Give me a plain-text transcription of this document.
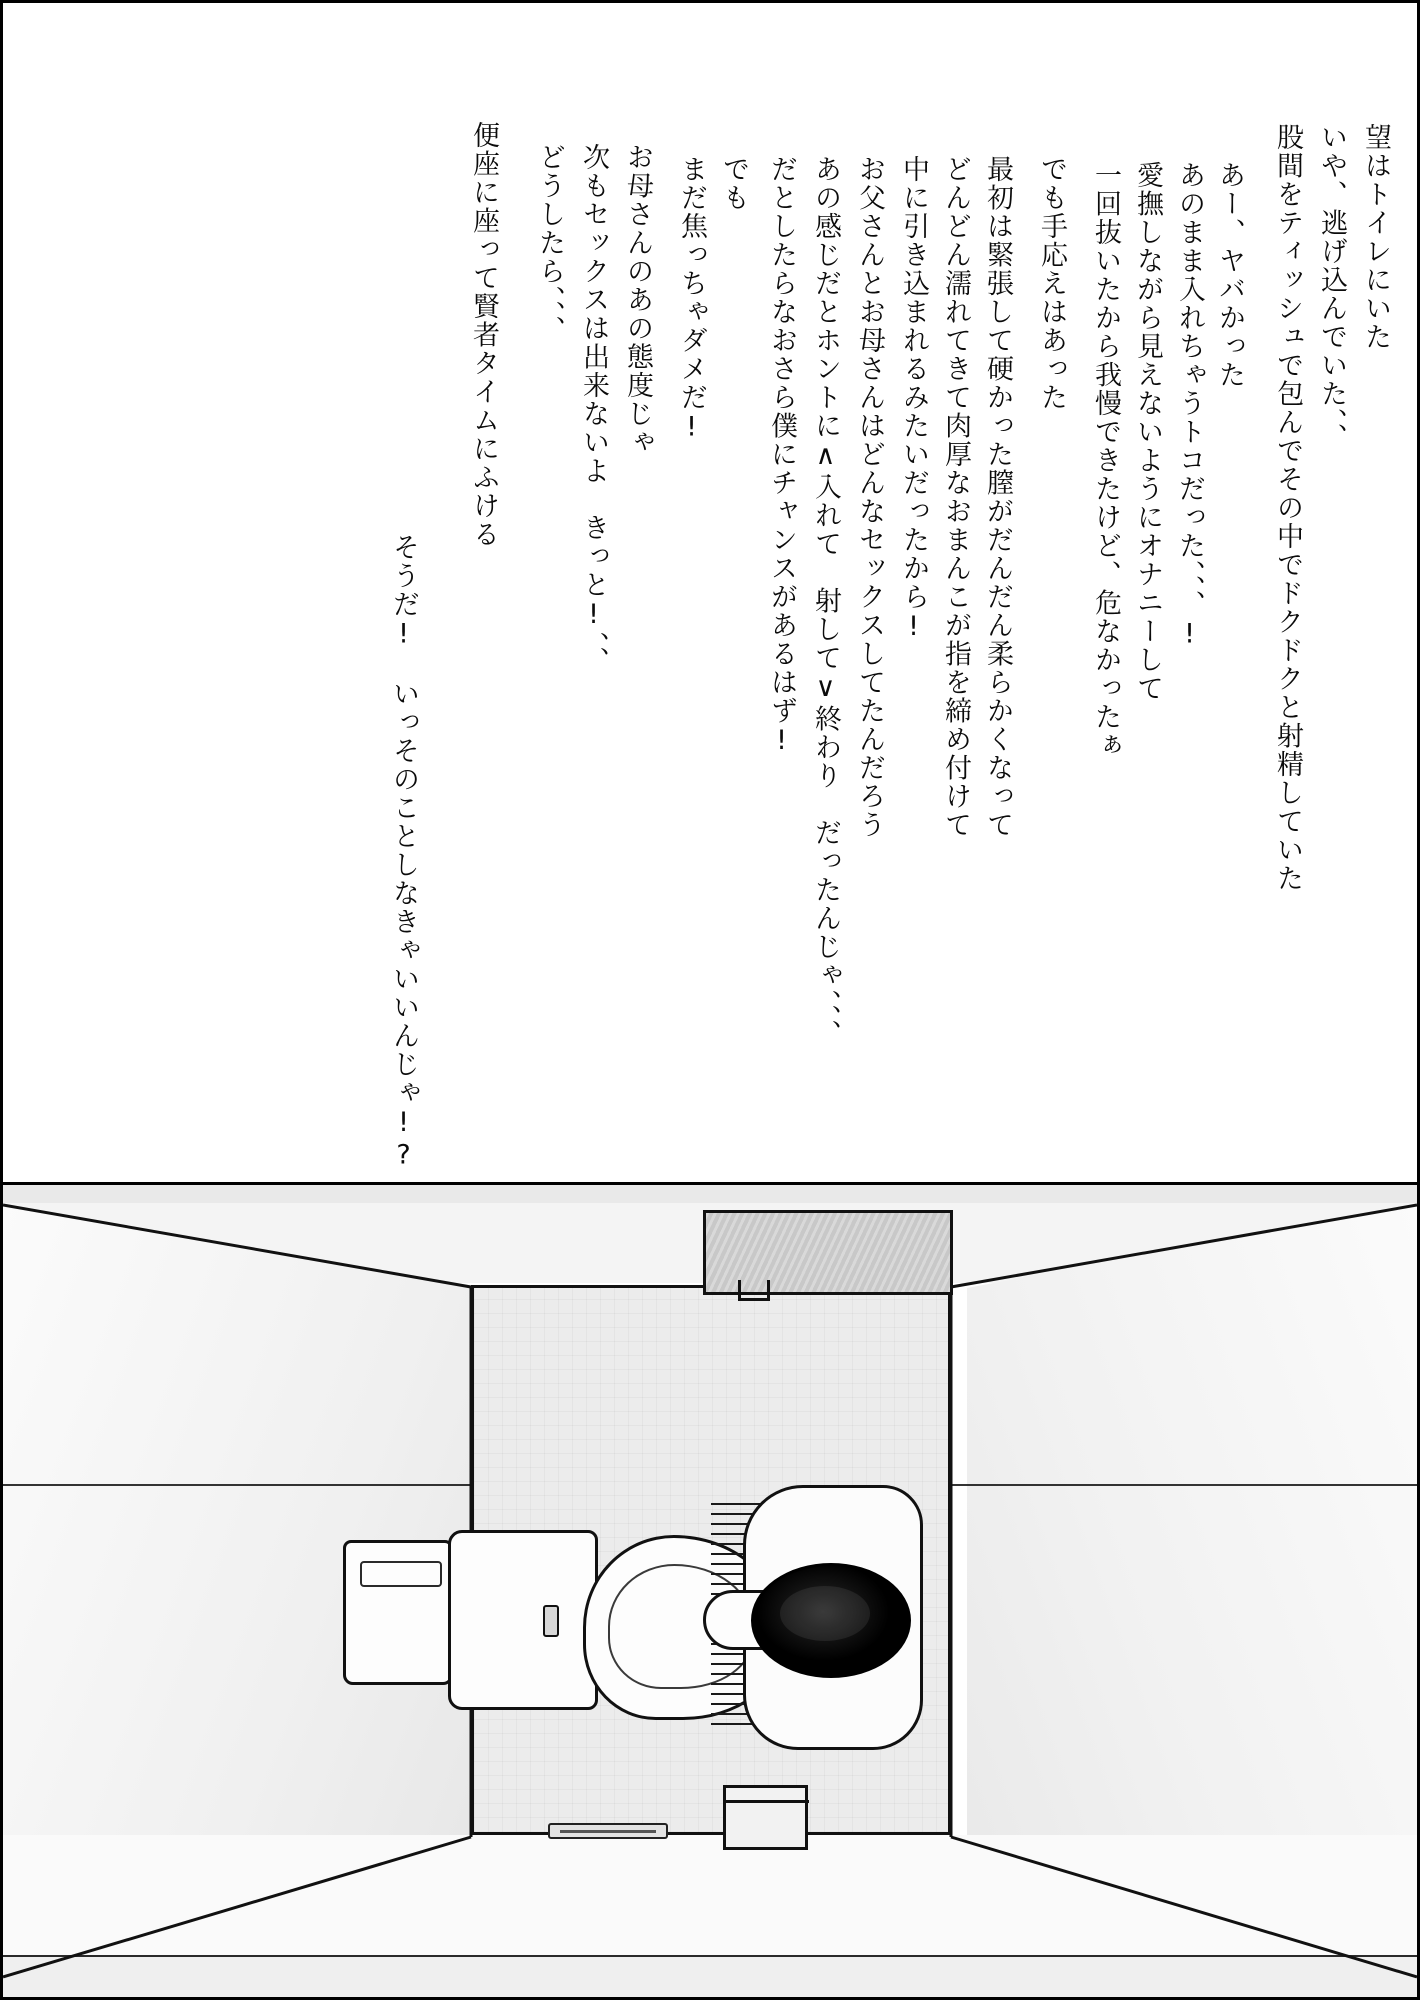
望はトイレにいた
いや、逃げ込んでいた、、
股間をティッシュで包んでその中でドクドクと射精していた
あー、ヤバかった
あのまま入れちゃうトコだった、、、!
愛撫しながら見えないようにオナニーして
一回抜いたから我慢できたけど、危なかったぁ
でも手応えはあった
最初は緊張して硬かった膣がだんだん柔らかくなって
どんどん濡れてきて肉厚なおまんこが指を締め付けて
中に引き込まれるみたいだったから!
お父さんとお母さんはどんなセックスしてたんだろう
あの感じだとホントに∧入れて　射して∨終わり　だったんじゃ、、、
だとしたらなおさら僕にチャンスがあるはず!
でも
まだ焦っちゃダメだ!
お母さんのあの態度じゃ
次もセックスは出来ないよ　きっと!、、
どうしたら、、、
便座に座って賢者タイムにふける
そうだ!　いっそのことしなきゃいいんじゃ!?
